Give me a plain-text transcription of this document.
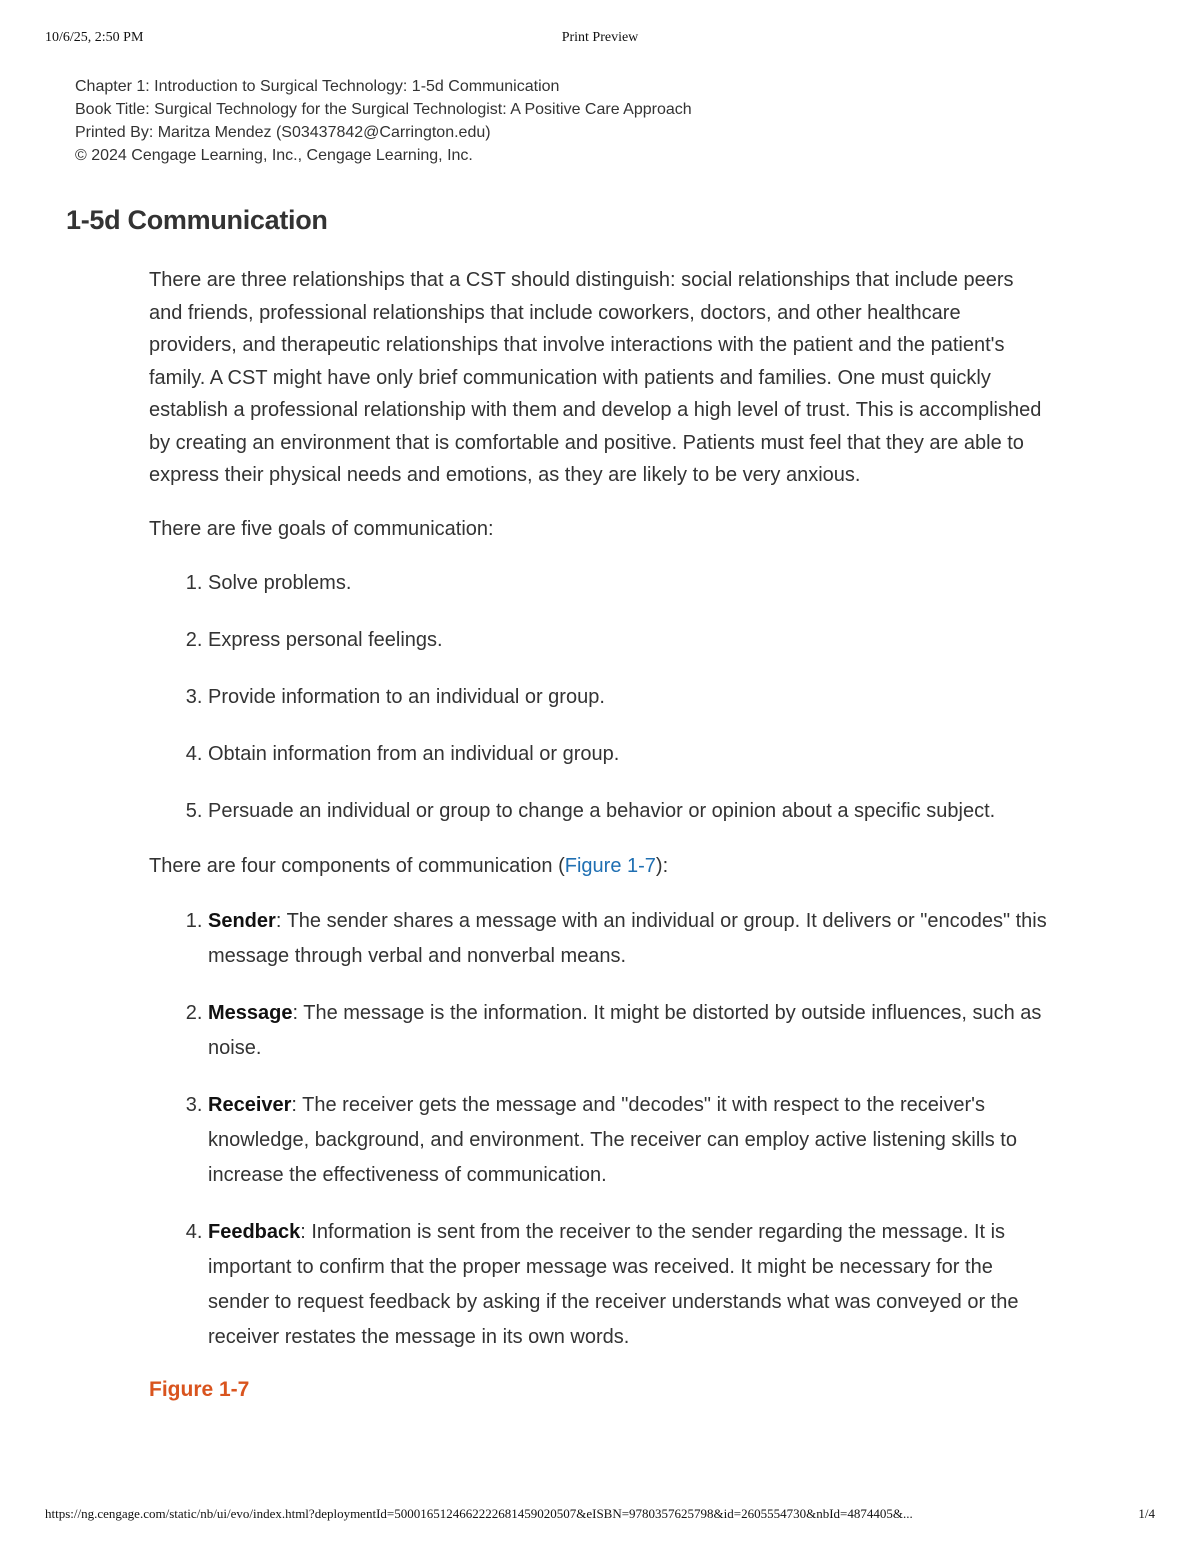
10/6/25, 2:50 PM	Print Preview
Chapter 1: Introduction to Surgical Technology: 1-5d Communication
Book Title: Surgical Technology for the Surgical Technologist: A Positive Care Approach
Printed By: Maritza Mendez (S03437842@Carrington.edu)
© 2024 Cengage Learning, Inc., Cengage Learning, Inc.
1-5d Communication

There are three relationships that a CST should distinguish: social relationships that include peers and friends, professional relationships that include coworkers, doctors, and other healthcare providers, and therapeutic relationships that involve interactions with the patient and the patient's family. A CST might have only brief communication with patients and families. One must quickly establish a professional relationship with them and develop a high level of trust. This is accomplished by creating an environment that is comfortable and positive. Patients must feel that they are able to express their physical needs and emotions, as they are likely to be very anxious.

There are five goals of communication:

1. Solve problems.
2. Express personal feelings.
3. Provide information to an individual or group.
4. Obtain information from an individual or group.
5. Persuade an individual or group to change a behavior or opinion about a specific subject.

There are four components of communication (Figure 1-7):

1. Sender: The sender shares a message with an individual or group. It delivers or "encodes" this message through verbal and nonverbal means.
2. Message: The message is the information. It might be distorted by outside influences, such as noise.
3. Receiver: The receiver gets the message and "decodes" it with respect to the receiver's knowledge, background, and environment. The receiver can employ active listening skills to increase the effectiveness of communication.
4. Feedback: Information is sent from the receiver to the sender regarding the message. It is important to confirm that the proper message was received. It might be necessary for the sender to request feedback by asking if the receiver understands what was conveyed or the receiver restates the message in its own words.
Figure 1-7
https://ng.cengage.com/static/nb/ui/evo/index.html?deploymentId=5000165124662222681459020507&eISBN=9780357625798&id=2605554730&nbId=4874405&...	1/4
